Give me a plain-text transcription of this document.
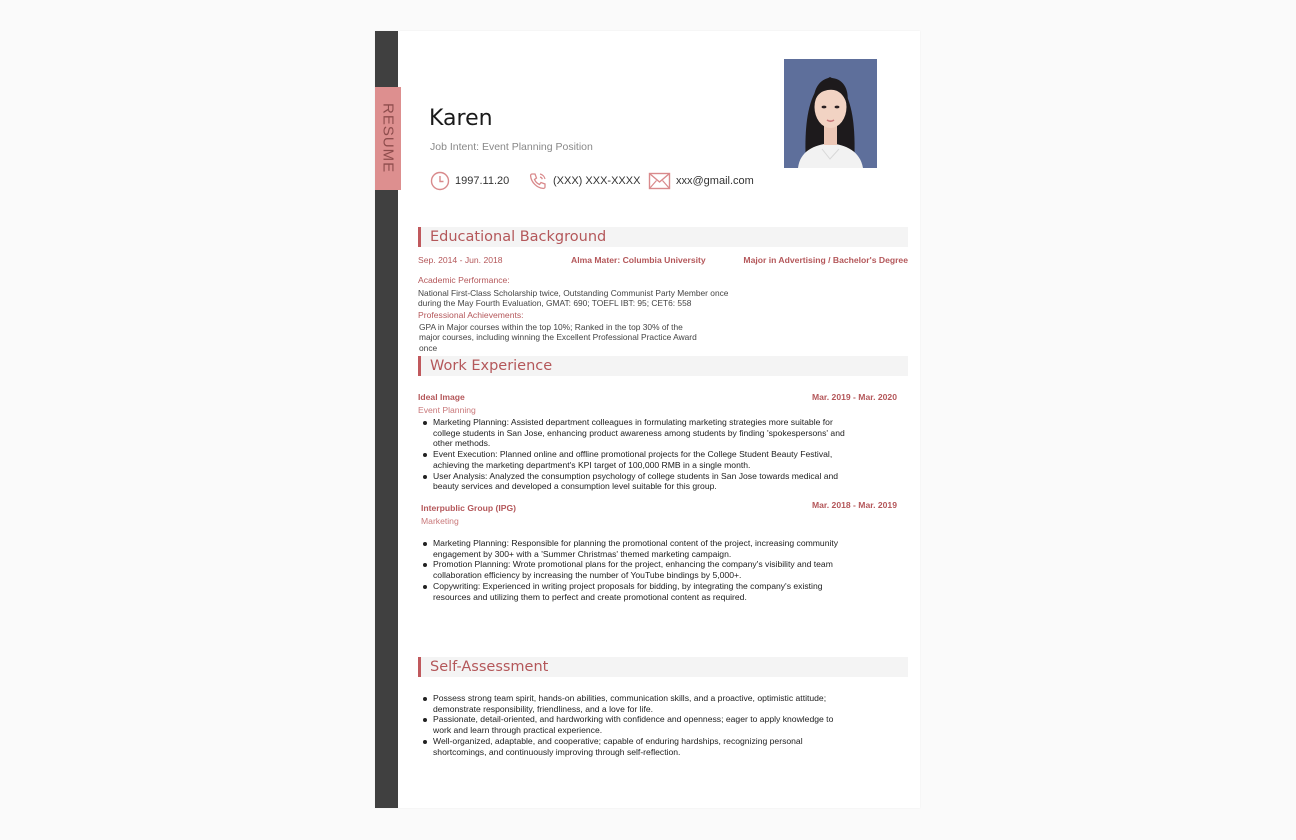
RESUME Karen
Job Intent: Event Planning Position
1997.11.20	(XXX) XXX-XXXX	xxx@gmail.com
Educational Background
Sep. 2014 - Jun. 2018	Alma Mater: Columbia University	Major in Advertising / Bachelor's Degree
Academic Performance:
National First-Class Scholarship twice, Outstanding Communist Party Member once
during the May Fourth Evaluation, GMAT: 690; TOEFL IBT: 95; CET6: 558
Professional Achievements:
GPA in Major courses within the top 10%; Ranked in the top 30% of the
major courses, including winning the Excellent Professional Practice Award
once
Work Experience
Ideal Image	Mar. 2019 - Mar. 2020
Event Planning
Marketing Planning: Assisted department colleagues in formulating marketing strategies more suitable for
college students in San Jose, enhancing product awareness among students by finding 'spokespersons' and
other methods.
Event Execution: Planned online and offline promotional projects for the College Student Beauty Festival,
achieving the marketing department's KPI target of 100,000 RMB in a single month.
User Analysis: Analyzed the consumption psychology of college students in San Jose towards medical and
beauty services and developed a consumption level suitable for this group.
Interpublic Group (IPG)	Mar. 2018 - Mar. 2019
Marketing
Marketing Planning: Responsible for planning the promotional content of the project, increasing community
engagement by 300+ with a 'Summer Christmas' themed marketing campaign.
Promotion Planning: Wrote promotional plans for the project, enhancing the company's visibility and team
collaboration efficiency by increasing the number of YouTube bindings by 5,000+.
Copywriting: Experienced in writing project proposals for bidding, by integrating the company's existing
resources and utilizing them to perfect and create promotional content as required.
Self-Assessment
Possess strong team spirit, hands-on abilities, communication skills, and a proactive, optimistic attitude;
demonstrate responsibility, friendliness, and a love for life.
Passionate, detail-oriented, and hardworking with confidence and openness; eager to apply knowledge to
work and learn through practical experience.
Well-organized, adaptable, and cooperative; capable of enduring hardships, recognizing personal
shortcomings, and continuously improving through self-reflection.
